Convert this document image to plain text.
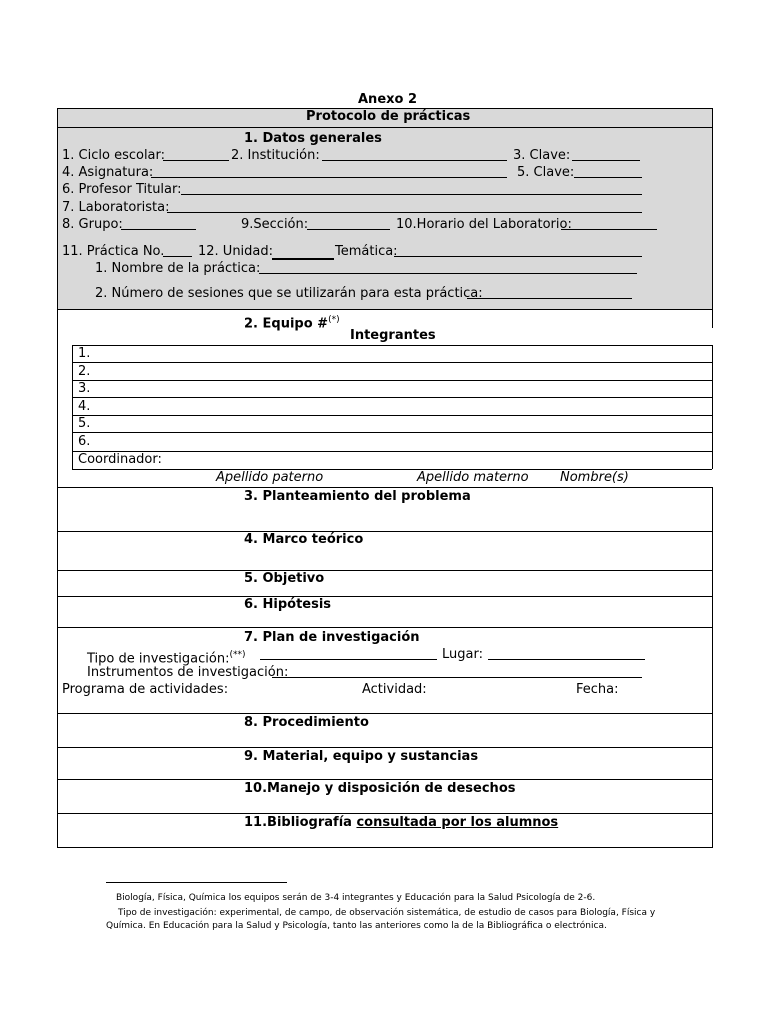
Anexo 2
Protocolo de prácticas
1. Datos generales
1. Ciclo escolar:	2. Institución:	3. Clave:
4. Asignatura:	5. Clave:
6. Profesor Titular:
7. Laboratorista:
8. Grupo:	9.Sección:	10.Horario del Laboratorio:
11. Práctica No.	12. Unidad:	Temática:
1. Nombre de la práctica:
2. Número de sesiones que se utilizarán para esta práctica:
2. Equipo #(*)
Integrantes
1.
2.
3.
4.
5.
6.
Coordinador:
Apellido paterno	Apellido materno Nombre(s)
3. Planteamiento del problema
4. Marco teórico
5. Objetivo
6. Hipótesis
7. Plan de investigación
Tipo de investigación:(**)	Lugar:
Instrumentos de investigación:
Programa de actividades:	Actividad:	Fecha:
8. Procedimiento
9. Material, equipo y sustancias
10.Manejo y disposición de desechos
11.Bibliografía consultada por los alumnos
Biología, Física, Química los equipos serán de 3-4 integrantes y Educación para la Salud Psicología de 2-6.
Tipo de investigación: experimental, de campo, de observación sistemática, de estudio de casos para Biología, Física y
Química. En Educación para la Salud y Psicología, tanto las anteriores como la de la Bibliográfica o electrónica.
